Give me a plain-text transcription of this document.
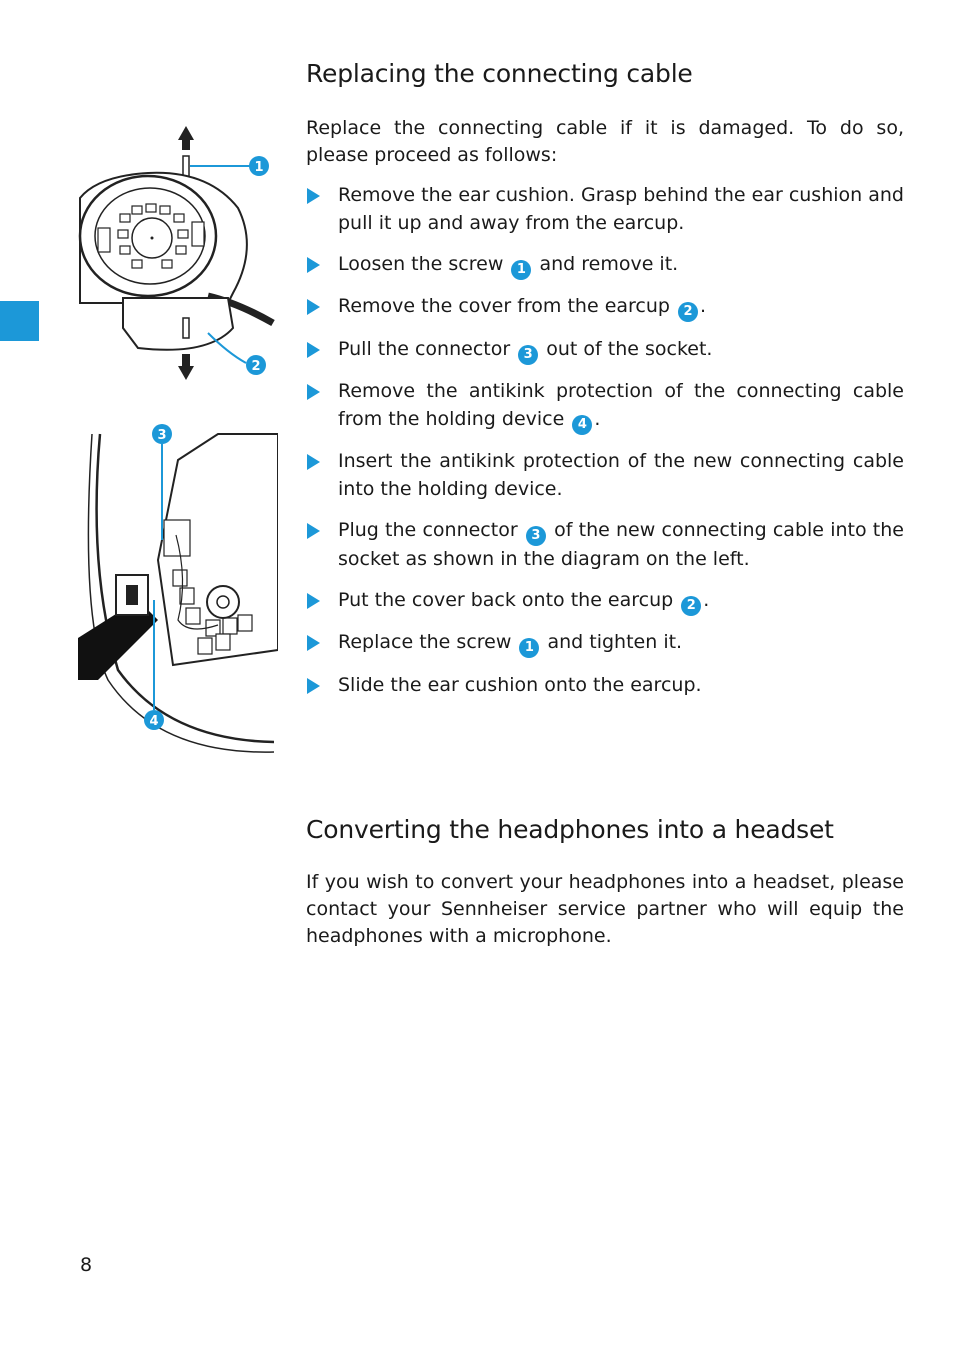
1
2
3
4
Replacing the connecting cable

Replace the connecting cable if it is damaged. To do so, please proceed as follows:

Remove the ear cushion. Grasp behind the ear cushion and pull it up and away from the earcup.
Loosen the screw 1 and remove it.
Remove the cover from the earcup 2 .
Pull the connector 3 out of the socket.
Remove the antikink protection of the connecting cable from the holding device 4 .
Insert the antikink protection of the new connecting cable into the holding device.
Plug the connector 3 of the new connecting cable into the socket as shown in the diagram on the left.
Put the cover back onto the earcup 2 .
Replace the screw 1 and tighten it.
Slide the ear cushion onto the earcup.
Converting the headphones into a headset

If you wish to convert your headphones into a headset, please contact your Sennheiser service partner who will equip the headphones with a microphone.

8
